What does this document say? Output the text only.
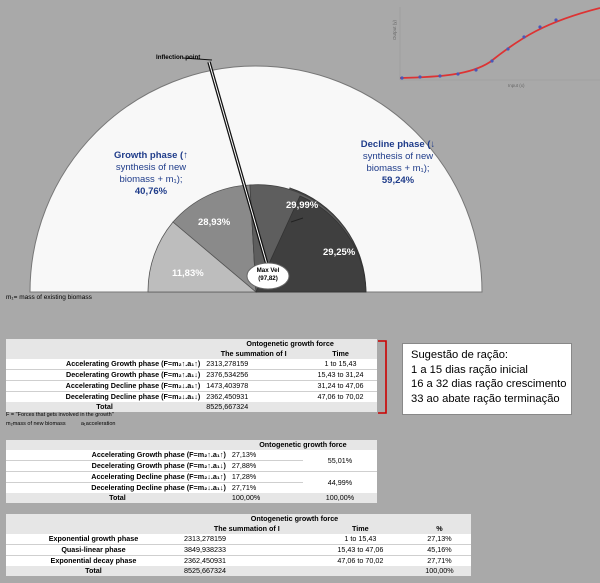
Inflection point
Growth phase (↑
synthesis of new
biomass + m₁);
40,76%
Decline phase (↓
synthesis of new
biomass + m₁);
59,24%
11,83%
28,93%
29,99%
29,25%
Max Vel
(97,82)
m₁= mass of existing biomass
Output (y)
Input (x)
	Ontogenetic growth force	
	The summation of I	Time
Accelerating Growth phase (F=m₂↑.a₁↑)	2313,278159	1 to 15,43
Decelerating Growth phase (F=m₂↑.a₁↓)	2376,534256	15,43 to 31,24
Accelerating Decline phase (F=m₂↓.a₁↑)	1473,403978	31,24 to 47,06
Decelerating Decline phase (F=m₂↓.a₁↓)	2362,450931	47,06 to 70,02
Total	8525,667324	
F = "Forces that gets involved in the growth"
m₂mass of new biomass          a₁acceleration
Sugestão de ração:
1 a 15 dias ração inicial
16 a 32 dias ração crescimento
33 ao abate ração terminação
	Ontogenetic growth force	
Accelerating Growth phase (F=m₂↑.a₁↑)	27,13%	55,01%
Decelerating Growth phase (F=m₂↑.a₁↓)	27,88%	
Accelerating Decline phase (F=m₂↓.a₁↑)	17,28%	44,99%
Decelerating Decline phase (F=m₂↓.a₁↓)	27,71%	
Total	100,00%	100,00%
	Ontogenetic growth force		
	The summation of I	Time	%
Exponential growth phase	2313,278159	1 to 15,43	27,13%
Quasi-linear phase	3849,938233	15,43 to 47,06	45,16%
Exponential decay phase	2362,450931	47,06 to 70,02	27,71%
Total	8525,667324		100,00%
